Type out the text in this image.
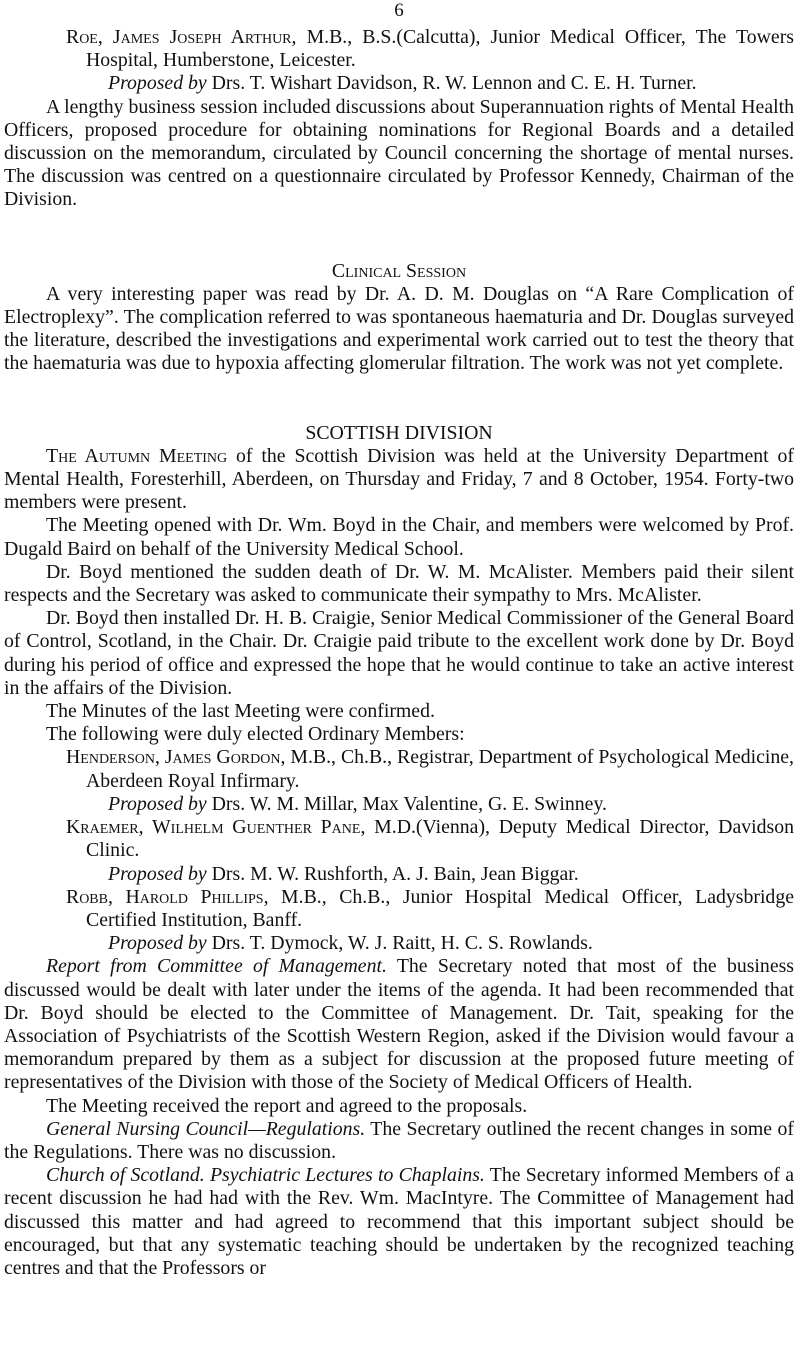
6

Roe, James Joseph Arthur, M.B., B.S.(Calcutta), Junior Medical Officer, The Towers Hospital, Humberstone, Leicester.

Proposed by Drs. T. Wishart Davidson, R. W. Lennon and C. E. H. Turner.

A lengthy business session included discussions about Superannuation rights of Mental Health Officers, proposed procedure for obtaining nominations for Regional Boards and a detailed discussion on the memorandum, circulated by Council concerning the shortage of mental nurses. The discussion was centred on a questionnaire circulated by Professor Kennedy, Chairman of the Division.

Clinical Session

A very interesting paper was read by Dr. A. D. M. Douglas on “A Rare Complication of Electroplexy”. The complication referred to was spontaneous haematuria and Dr. Douglas surveyed the literature, described the investigations and experimental work carried out to test the theory that the haematuria was due to hypoxia affecting glomerular filtration. The work was not yet complete.

SCOTTISH DIVISION

The Autumn Meeting of the Scottish Division was held at the University Department of Mental Health, Foresterhill, Aberdeen, on Thursday and Friday, 7 and 8 October, 1954. Forty-two members were present.

The Meeting opened with Dr. Wm. Boyd in the Chair, and members were welcomed by Prof. Dugald Baird on behalf of the University Medical School.

Dr. Boyd mentioned the sudden death of Dr. W. M. McAlister. Members paid their silent respects and the Secretary was asked to communicate their sympathy to Mrs. McAlister.

Dr. Boyd then installed Dr. H. B. Craigie, Senior Medical Commissioner of the General Board of Control, Scotland, in the Chair. Dr. Craigie paid tribute to the excellent work done by Dr. Boyd during his period of office and expressed the hope that he would continue to take an active interest in the affairs of the Division.

The Minutes of the last Meeting were confirmed.

The following were duly elected Ordinary Members:

Henderson, James Gordon, M.B., Ch.B., Registrar, Department of Psychological Medicine, Aberdeen Royal Infirmary.

Proposed by Drs. W. M. Millar, Max Valentine, G. E. Swinney.

Kraemer, Wilhelm Guenther Pane, M.D.(Vienna), Deputy Medical Director, Davidson Clinic.

Proposed by Drs. M. W. Rushforth, A. J. Bain, Jean Biggar.

Robb, Harold Phillips, M.B., Ch.B., Junior Hospital Medical Officer, Ladysbridge Certified Institution, Banff.

Proposed by Drs. T. Dymock, W. J. Raitt, H. C. S. Rowlands.

Report from Committee of Management. The Secretary noted that most of the business discussed would be dealt with later under the items of the agenda. It had been recommended that Dr. Boyd should be elected to the Committee of Management. Dr. Tait, speaking for the Association of Psychiatrists of the Scottish Western Region, asked if the Division would favour a memorandum prepared by them as a subject for discussion at the proposed future meeting of representatives of the Division with those of the Society of Medical Officers of Health.

The Meeting received the report and agreed to the proposals.

General Nursing Council—Regulations. The Secretary outlined the recent changes in some of the Regulations. There was no discussion.

Church of Scotland. Psychiatric Lectures to Chaplains. The Secretary informed Members of a recent discussion he had had with the Rev. Wm. MacIntyre. The Committee of Management had discussed this matter and had agreed to recommend that this important subject should be encouraged, but that any systematic teaching should be undertaken by the recognized teaching centres and that the Professors or
